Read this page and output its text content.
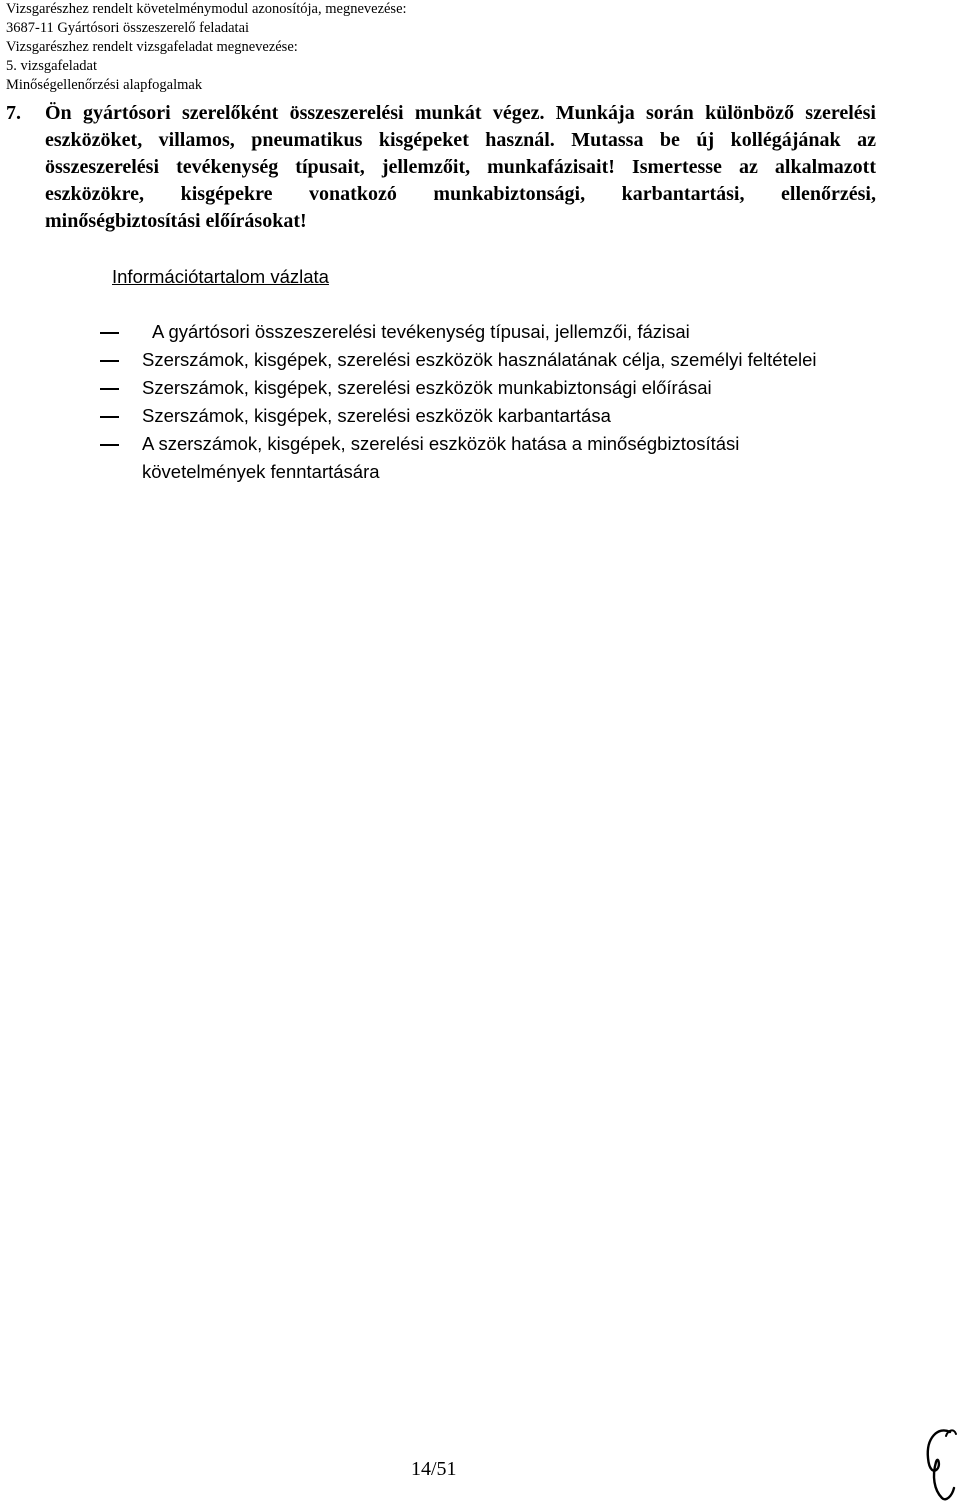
Vizsgarészhez rendelt követelménymodul azonosítója, megnevezése:
3687-11 Gyártósori összeszerelő feladatai
Vizsgarészhez rendelt vizsgafeladat megnevezése:
5. vizsgafeladat
Minőségellenőrzési alapfogalmak
7. Ön gyártósori szerelőként összeszerelési munkát végez. Munkája során különböző szerelési eszközöket, villamos, pneumatikus kisgépeket használ. Mutassa be új kollégájának az összeszerelési tevékenység típusait, jellemzőit, munkafázisait! Ismertesse az alkalmazott eszközökre, kisgépekre vonatkozó munkabiztonsági, karbantartási, ellenőrzési, minőségbiztosítási előírásokat!
Információtartalom vázlata
A gyártósori összeszerelési tevékenység típusai, jellemzői, fázisai
Szerszámok, kisgépek, szerelési eszközök használatának célja, személyi feltételei
Szerszámok, kisgépek, szerelési eszközök munkabiztonsági előírásai
Szerszámok, kisgépek, szerelési eszközök karbantartása
A szerszámok, kisgépek, szerelési eszközök hatása a minőségbiztosítási követelmények fenntartására
14/51
